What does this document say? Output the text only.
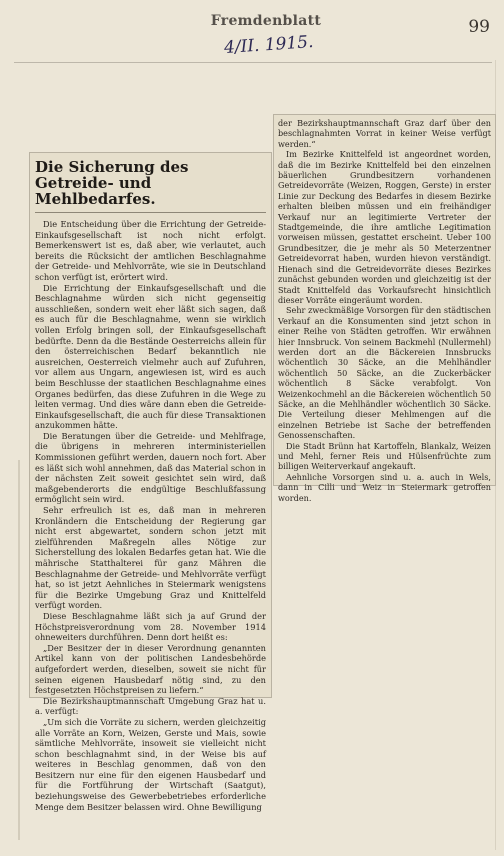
Fremdenblatt	99
4/II. 1915.
Die Sicherung des Getreide- und Mehlbedarfes.

Die Entscheidung über die Errichtung der Getreide-Einkaufsgesellschaft ist noch nicht erfolgt. Bemerkenswert ist es, daß aber, wie verlautet, auch bereits die Rücksicht der amtlichen Beschlagnahme der Getreide- und Mehlvorräte, wie sie in Deutschland schon verfügt ist, erörtert wird.

Die Errichtung der Einkaufsgesellschaft und die Beschlagnahme würden sich nicht gegenseitig ausschließen, sondern weit eher läßt sich sagen, daß es auch für die Beschlagnahme, wenn sie wirklich vollen Erfolg bringen soll, der Einkaufsgesellschaft bedürfte. Denn da die Bestände Oesterreichs allein für den österreichischen Bedarf bekanntlich nie ausreichen, Oesterreich vielmehr auch auf Zufuhren, vor allem aus Ungarn, angewiesen ist, wird es auch beim Beschlusse der staatlichen Beschlagnahme eines Organes bedürfen, das diese Zufuhren in die Wege zu leiten vermag. Und dies wäre dann eben die Getreide-Einkaufsgesellschaft, die auch für diese Transaktionen anzukommen hätte.

Die Beratungen über die Getreide- und Mehlfrage, die übrigens in mehreren interministeriellen Kommissionen geführt werden, dauern noch fort. Aber es läßt sich wohl annehmen, daß das Material schon in der nächsten Zeit soweit gesichtet sein wird, daß maßgebenderorts die endgültige Beschlußfassung ermöglicht sein wird.

Sehr erfreulich ist es, daß man in mehreren Kronländern die Entscheidung der Regierung gar nicht erst abgewartet, sondern schon jetzt mit zielführenden Maßregeln alles Nötige zur Sicherstellung des lokalen Bedarfes getan hat. Wie die mährische Statthalterei für ganz Mähren die Beschlagnahme der Getreide- und Mehlvorräte verfügt hat, so ist jetzt Aehnliches in Steiermark wenigstens für die Bezirke Umgebung Graz und Knittelfeld verfügt worden.

Diese Beschlagnahme läßt sich ja auf Grund der Höchstpreisverordnung vom 28. November 1914 ohneweiters durchführen. Denn dort heißt es:

„Der Besitzer der in dieser Verordnung genannten Artikel kann von der politischen Landesbehörde aufgefordert werden, dieselben, soweit sie nicht für seinen eigenen Hausbedarf nötig sind, zu den festgesetzten Höchstpreisen zu liefern.“

Die Bezirkshauptmannschaft Umgebung Graz hat u. a. verfügt:

„Um sich die Vorräte zu sichern, werden gleichzeitig alle Vorräte an Korn, Weizen, Gerste und Mais, sowie sämtliche Mehlvorräte, insoweit sie vielleicht nicht schon beschlagnahmt sind, in der Weise bis auf weiteres in Beschlag genommen, daß von den Besitzern nur eine für den eigenen Hausbedarf und für die Fortführung der Wirtschaft (Saatgut), beziehungsweise des Gewerbebetriebes erforderliche Menge dem Besitzer belassen wird. Ohne Bewilligung

der Bezirkshauptmannschaft Graz darf über den beschlagnahmten Vorrat in keiner Weise verfügt werden.“

Im Bezirke Knittelfeld ist angeordnet worden, daß die im Bezirke Knittelfeld bei den einzelnen bäuerlichen Grundbesitzern vorhandenen Getreidevorräte (Weizen, Roggen, Gerste) in erster Linie zur Deckung des Bedarfes in diesem Bezirke erhalten bleiben müssen und ein freihändiger Verkauf nur an legitimierte Vertreter der Stadtgemeinde, die ihre amtliche Legitimation vorweisen müssen, gestattet erscheint. Ueber 100 Grundbesitzer, die je mehr als 50 Meterzentner Getreidevorrat haben, wurden hievon verständigt. Hienach sind die Getreidevorräte dieses Bezirkes zunächst gebunden worden und gleichzeitig ist der Stadt Knittelfeld das Vorkaufsrecht hinsichtlich dieser Vorräte eingeräumt worden.

Sehr zweckmäßige Vorsorgen für den städtischen Verkauf an die Konsumenten sind jetzt schon in einer Reihe von Städten getroffen. Wir erwähnen hier Innsbruck. Von seinem Backmehl (Nullermehl) werden dort an die Bäckereien Innsbrucks wöchentlich 30 Säcke, an die Mehlhändler wöchentlich 50 Säcke, an die Zuckerbäcker wöchentlich 8 Säcke verabfolgt. Von Weizenkochmehl an die Bäckereien wöchentlich 50 Säcke, an die Mehlhändler wöchentlich 30 Säcke. Die Verteilung dieser Mehlmengen auf die einzelnen Betriebe ist Sache der betreffenden Genossenschaften.

Die Stadt Brünn hat Kartoffeln, Blankalz, Weizen und Mehl, ferner Reis und Hülsenfrüchte zum billigen Weiterverkauf angekauft.

Aehnliche Vorsorgen sind u. a. auch in Wels, dann in Cilli und Weiz in Steiermark getroffen worden.
